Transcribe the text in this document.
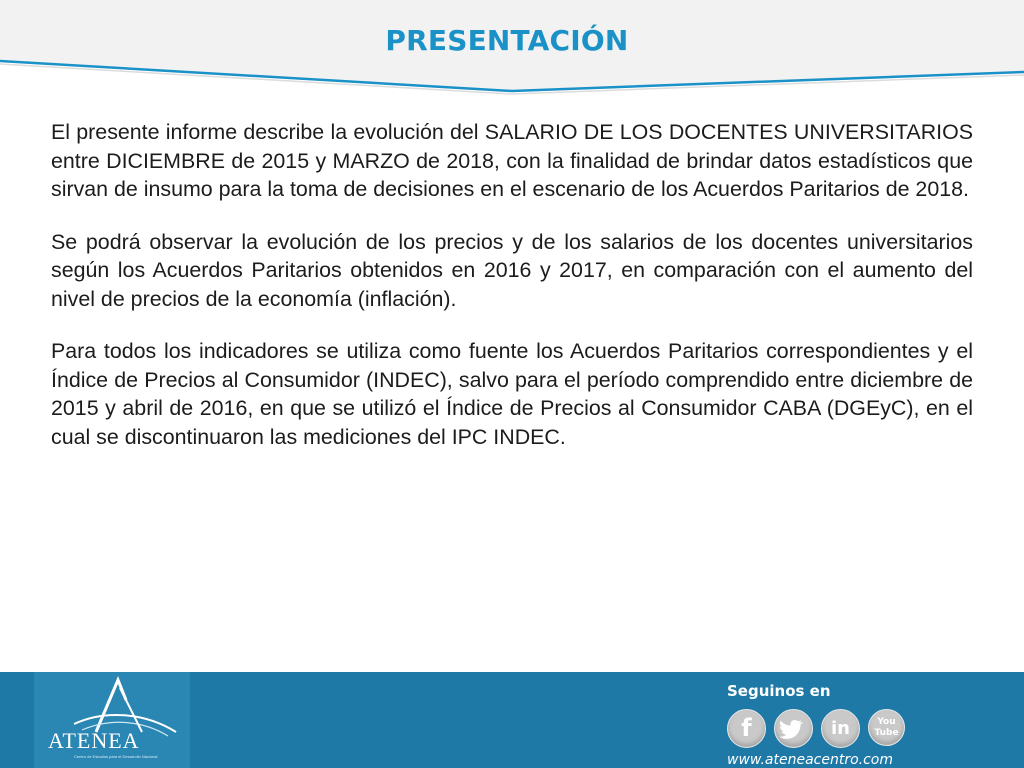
PRESENTACIÓN

El presente informe describe la evolución del SALARIO DE LOS DOCENTES UNIVERSITARIOS entre DICIEMBRE de 2015 y MARZO de 2018, con la finalidad de brindar datos estadísticos que sirvan de insumo para la toma de decisiones en el escenario de los Acuerdos Paritarios de 2018.

Se podrá observar la evolución de los precios y de los salarios de los docentes universitarios según los Acuerdos Paritarios obtenidos en 2016 y 2017, en comparación con el aumento del nivel de precios de la economía (inflación).

Para todos los indicadores se utiliza como fuente los Acuerdos Paritarios correspondientes y el Índice de Precios al Consumidor (INDEC), salvo para el período comprendido entre diciembre de 2015 y abril de 2016, en que se utilizó el Índice de Precios al Consumidor CABA (DGEyC), en el cual se discontinuaron las mediciones del IPC INDEC.

ATENEA
Centro de Estudios para el Desarrollo Nacional
Seguinos en
f	in	You Tube
www.ateneacentro.com
